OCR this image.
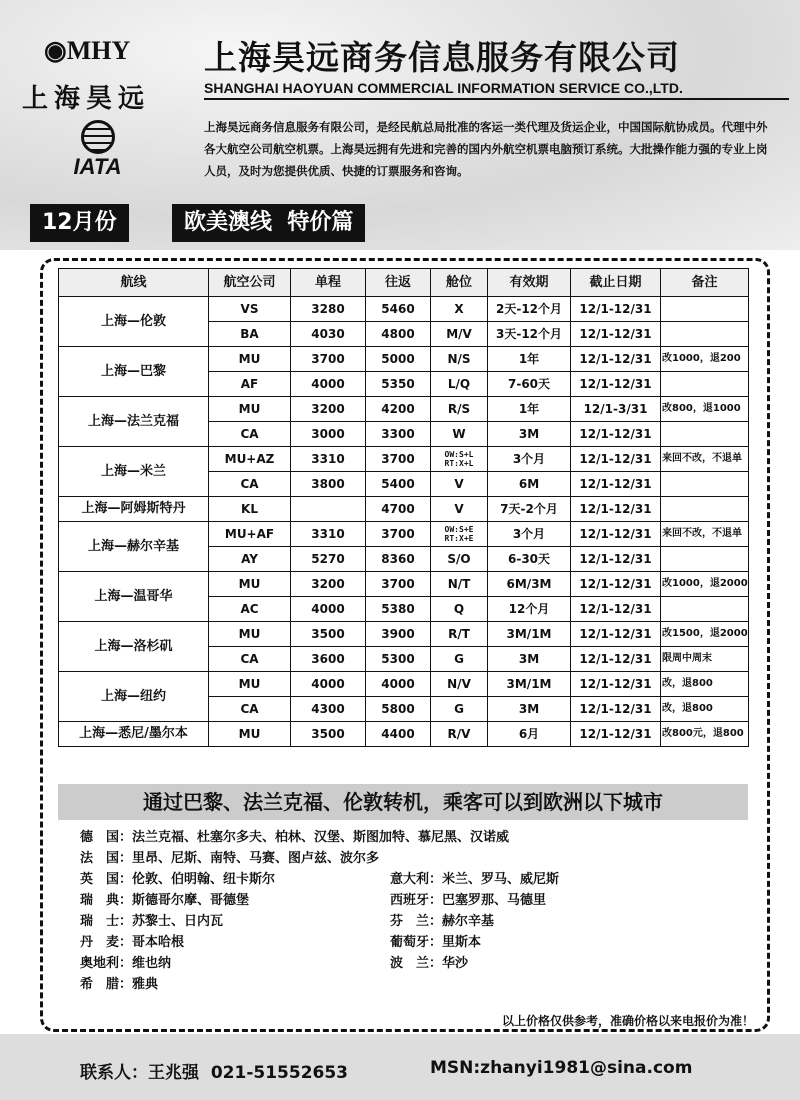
◉MHY
上海昊远
IATA
上海昊远商务信息服务有限公司
SHANGHAI HAOYUAN COMMERCIAL INFORMATION SERVICE CO.,LTD.
上海昊远商务信息服务有限公司，是经民航总局批准的客运一类代理及货运企业，中国国际航协成员。代理中外各大航空公司航空机票。上海昊远拥有先进和完善的国内外航空机票电脑预订系统。大批操作能力强的专业上岗人员，及时为您提供优质、快捷的订票服务和咨询。
12月份	欧美澳线  特价篇
航线	航空公司	单程	往返	舱位	有效期	截止日期	备注
上海—伦敦	VS	3280	5460	X	2天-12个月	12/1-12/31	
	BA	4030	4800	M/V	3天-12个月	12/1-12/31	
上海—巴黎	MU	3700	5000	N/S	1年	12/1-12/31	改1000，退200
	AF	4000	5350	L/Q	7-60天	12/1-12/31	
上海—法兰克福	MU	3200	4200	R/S	1年	12/1-3/31	改800，退1000
	CA	3000	3300	W	3M	12/1-12/31	
上海—米兰	MU+AZ	3310	3700	OW:S+L RT:X+L	3个月	12/1-12/31	来回不改，不退单
	CA	3800	5400	V	6M	12/1-12/31	
上海—阿姆斯特丹	KL		4700	V	7天-2个月	12/1-12/31	
上海—赫尔辛基	MU+AF	3310	3700	OW:S+E RT:X+E	3个月	12/1-12/31	来回不改，不退单
	AY	5270	8360	S/O	6-30天	12/1-12/31	
上海—温哥华	MU	3200	3700	N/T	6M/3M	12/1-12/31	改1000，退2000
	AC	4000	5380	Q	12个月	12/1-12/31	
上海—洛杉矶	MU	3500	3900	R/T	3M/1M	12/1-12/31	改1500，退2000
	CA	3600	5300	G	3M	12/1-12/31	限周中周末
上海—纽约	MU	4000	4000	N/V	3M/1M	12/1-12/31	改，退800
	CA	4300	5800	G	3M	12/1-12/31	改，退800
上海—悉尼/墨尔本	MU	3500	4400	R/V	6月	12/1-12/31	改800元，退800
通过巴黎、法兰克福、伦敦转机，乘客可以到欧洲以下城市
德　国：法兰克福、杜塞尔多夫、柏林、汉堡、斯图加特、慕尼黑、汉诺威
法　国：里昂、尼斯、南特、马赛、图卢兹、波尔多
英　国：伦敦、伯明翰、纽卡斯尔
瑞　典：斯德哥尔摩、哥德堡
瑞　士：苏黎士、日内瓦
丹　麦：哥本哈根
奥地利：维也纳
希　腊：雅典
意大利：米兰、罗马、威尼斯
西班牙：巴塞罗那、马德里
芬　兰：赫尔辛基
葡萄牙：里斯本
波　兰：华沙
以上价格仅供参考，准确价格以来电报价为准！
联系人：王兆强  021-51552653	MSN:zhanyi1981@sina.com
